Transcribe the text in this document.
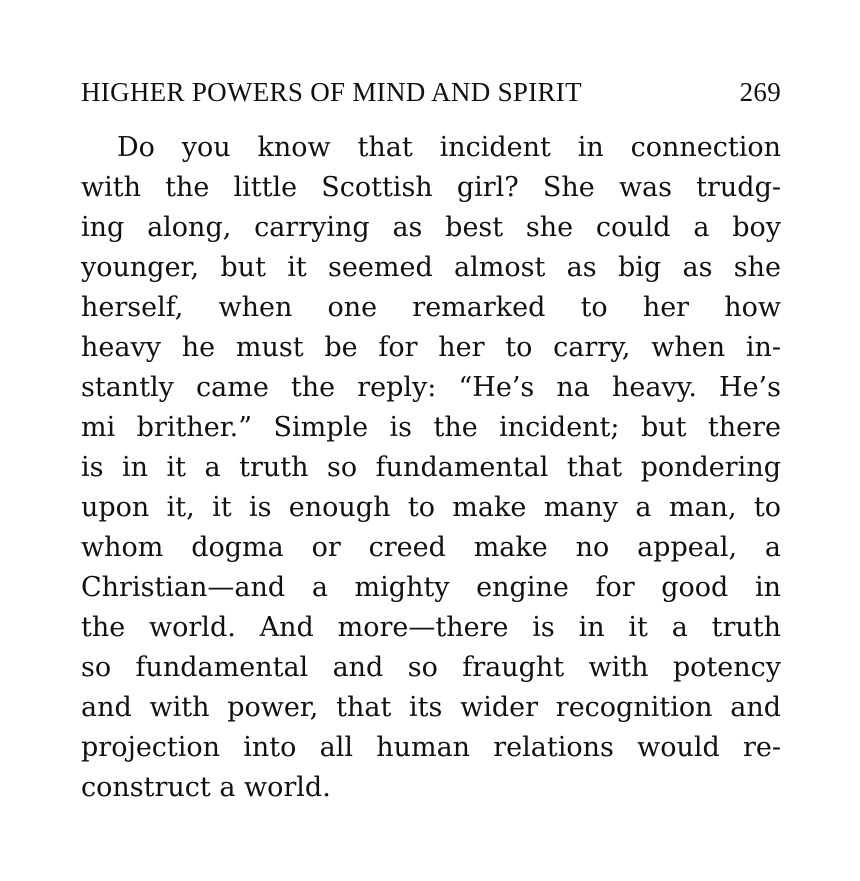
HIGHER POWERS OF MIND AND SPIRIT	269
Do you know that incident in connection
with the little Scottish girl? She was trudg-
ing along, carrying as best she could a boy
younger, but it seemed almost as big as she
herself, when one remarked to her how
heavy he must be for her to carry, when in-
stantly came the reply: “He’s na heavy. He’s
mi brither.” Simple is the incident; but there
is in it a truth so fundamental that pondering
upon it, it is enough to make many a man, to
whom dogma or creed make no appeal, a
Christian—and a mighty engine for good in
the world. And more—there is in it a truth
so fundamental and so fraught with potency
and with power, that its wider recognition and
projection into all human relations would re-
construct a world.
